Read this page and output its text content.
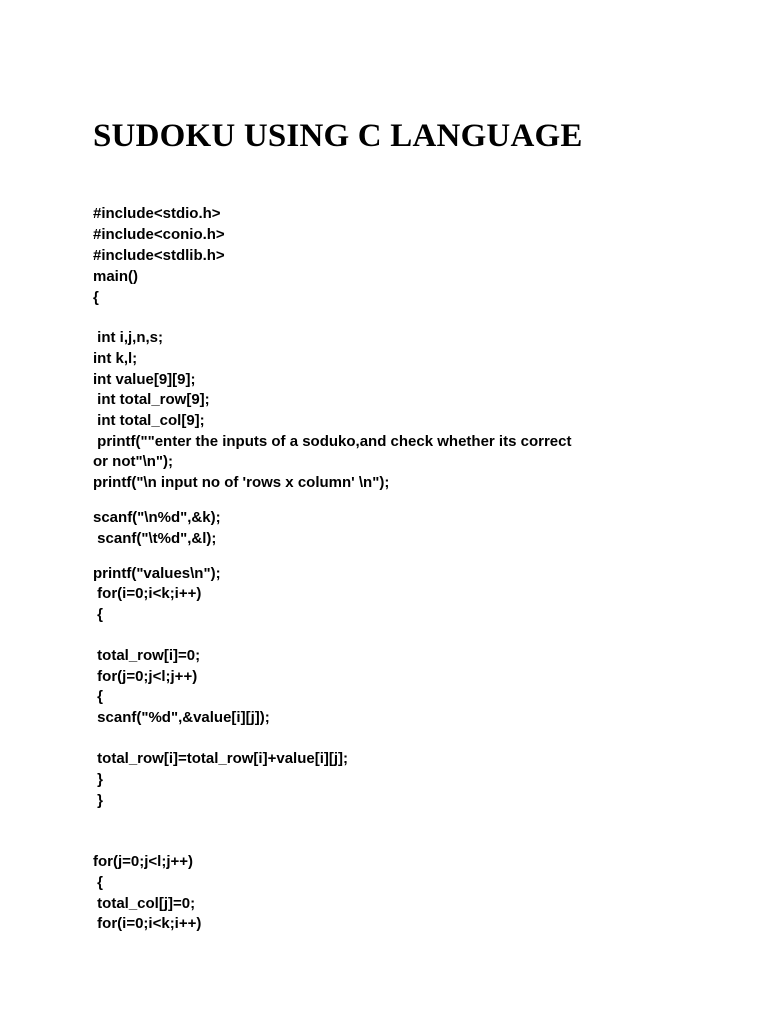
SUDOKU USING C LANGUAGE
#include<stdio.h>
#include<conio.h>
#include<stdlib.h>
main()
{
int i,j,n,s;
int k,l;
int value[9][9];
int total_row[9];
int total_col[9];
printf(""enter the inputs of a soduko,and check whether its correct
or not"\n");
printf("\n input no of 'rows x column' \n");
scanf("\n%d",&k);
scanf("\t%d",&l);
printf("values\n");
for(i=0;i<k;i++)
{
total_row[i]=0;
for(j=0;j<l;j++)
{
scanf("%d",&value[i][j]);
total_row[i]=total_row[i]+value[i][j];
}
}
for(j=0;j<l;j++)
{
total_col[j]=0;
for(i=0;i<k;i++)
